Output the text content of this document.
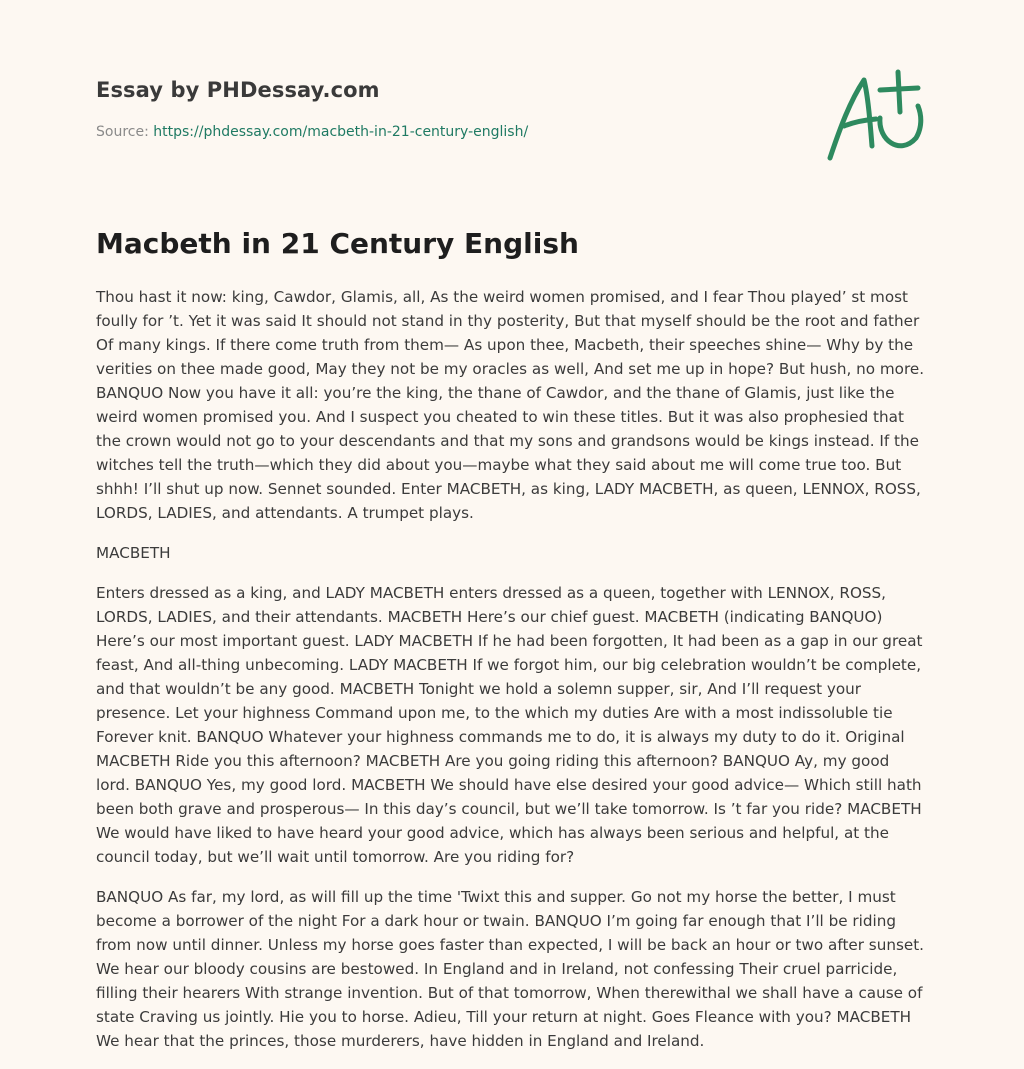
Essay by PHDessay.com

Source: https://phdessay.com/macbeth-in-21-century-english/
Macbeth in 21 Century English

Thou hast it now: king, Cawdor, Glamis, all, As the weird women promised, and I fear Thou played’ st most foully for ’t. Yet it was said It should not stand in thy posterity, But that myself should be the root and father Of many kings. If there come truth from them— As upon thee, Macbeth, their speeches shine— Why by the verities on thee made good, May they not be my oracles as well, And set me up in hope? But hush, no more. BANQUO Now you have it all: you’re the king, the thane of Cawdor, and the thane of Glamis, just like the weird women promised you. And I suspect you cheated to win these titles. But it was also prophesied that the crown would not go to your descendants and that my sons and grandsons would be kings instead. If the witches tell the truth—which they did about you—maybe what they said about me will come true too. But shhh! I’ll shut up now. Sennet sounded. Enter MACBETH, as king, LADY MACBETH, as queen, LENNOX, ROSS, LORDS, LADIES, and attendants. A trumpet plays.

MACBETH

Enters dressed as a king, and LADY MACBETH enters dressed as a queen, together with LENNOX, ROSS, LORDS, LADIES, and their attendants. MACBETH Here’s our chief guest. MACBETH (indicating BANQUO) Here’s our most important guest. LADY MACBETH If he had been forgotten, It had been as a gap in our great feast, And all-thing unbecoming. LADY MACBETH If we forgot him, our big celebration wouldn’t be complete, and that wouldn’t be any good. MACBETH Tonight we hold a solemn supper, sir, And I’ll request your presence. Let your highness Command upon me, to the which my duties Are with a most indissoluble tie Forever knit. BANQUO Whatever your highness commands me to do, it is always my duty to do it. Original MACBETH Ride you this afternoon? MACBETH Are you going riding this afternoon? BANQUO Ay, my good lord. BANQUO Yes, my good lord. MACBETH We should have else desired your good advice— Which still hath been both grave and prosperous— In this day’s council, but we’ll take tomorrow. Is ’t far you ride? MACBETH We would have liked to have heard your good advice, which has always been serious and helpful, at the council today, but we’ll wait until tomorrow. Are you riding for?

BANQUO As far, my lord, as will fill up the time 'Twixt this and supper. Go not my horse the better, I must become a borrower of the night For a dark hour or twain. BANQUO I’m going far enough that I’ll be riding from now until dinner. Unless my horse goes faster than expected, I will be back an hour or two after sunset. We hear our bloody cousins are bestowed. In England and in Ireland, not confessing Their cruel parricide, filling their hearers With strange invention. But of that tomorrow, When therewithal we shall have a cause of state Craving us jointly. Hie you to horse. Adieu, Till your return at night. Goes Fleance with you? MACBETH We hear that the princes, those murderers, have hidden in England and Ireland.
